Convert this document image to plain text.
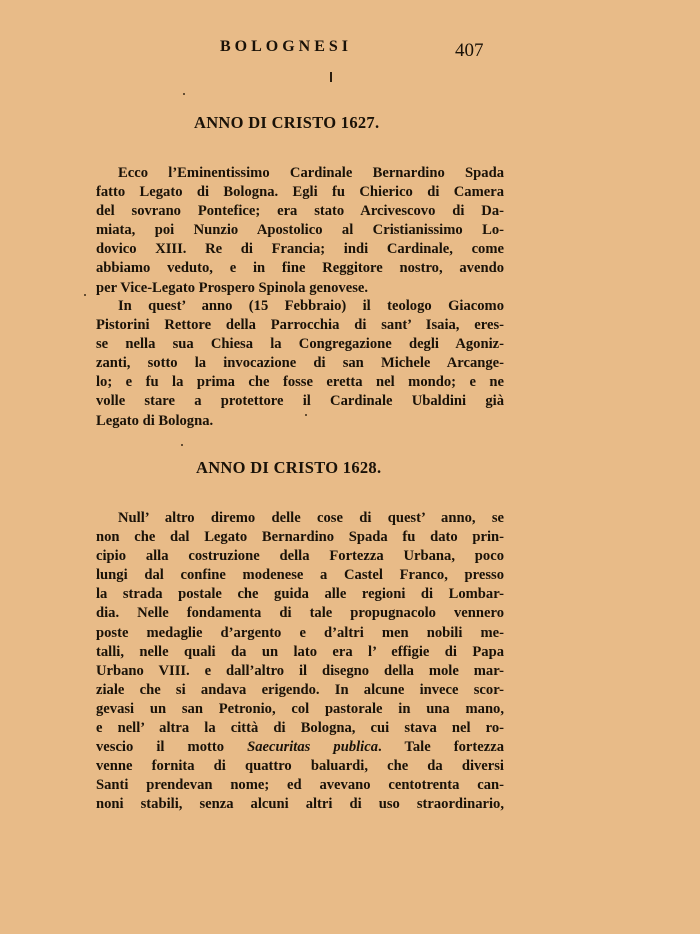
BOLOGNESI	407
ANNO DI CRISTO 1627.
Ecco l’Eminentissimo Cardinale Bernardino Spada
fatto Legato di Bologna. Egli fu Chierico di Camera
del sovrano Pontefice; era stato Arcivescovo di Da-
miata, poi Nunzio Apostolico al Cristianissimo Lo-
dovico XIII. Re di Francia; indi Cardinale, come
abbiamo veduto, e in fine Reggitore nostro, avendo
per Vice-Legato Prospero Spinola genovese.
In quest’ anno (15 Febbraio) il teologo Giacomo
Pistorini Rettore della Parrocchia di sant’ Isaia, eres-
se nella sua Chiesa la Congregazione degli Agoniz-
zanti, sotto la invocazione di san Michele Arcange-
lo; e fu la prima che fosse eretta nel mondo; e ne
volle stare a protettore il Cardinale Ubaldini già
Legato di Bologna.
ANNO DI CRISTO 1628.
Null’ altro diremo delle cose di quest’ anno, se
non che dal Legato Bernardino Spada fu dato prin-
cipio alla costruzione della Fortezza Urbana, poco
lungi dal confine modenese a Castel Franco, presso
la strada postale che guida alle regioni di Lombar-
dia. Nelle fondamenta di tale propugnacolo vennero
poste medaglie d’argento e d’altri men nobili me-
talli, nelle quali da un lato era l’ effigie di Papa
Urbano VIII. e dall’altro il disegno della mole mar-
ziale che si andava erigendo. In alcune invece scor-
gevasi un san Petronio, col pastorale in una mano,
e nell’ altra la città di Bologna, cui stava nel ro-
vescio il motto Saecuritas publica. Tale fortezza
venne fornita di quattro baluardi, che da diversi
Santi prendevan nome; ed avevano centotrenta can-
noni stabili, senza alcuni altri di uso straordinario,
